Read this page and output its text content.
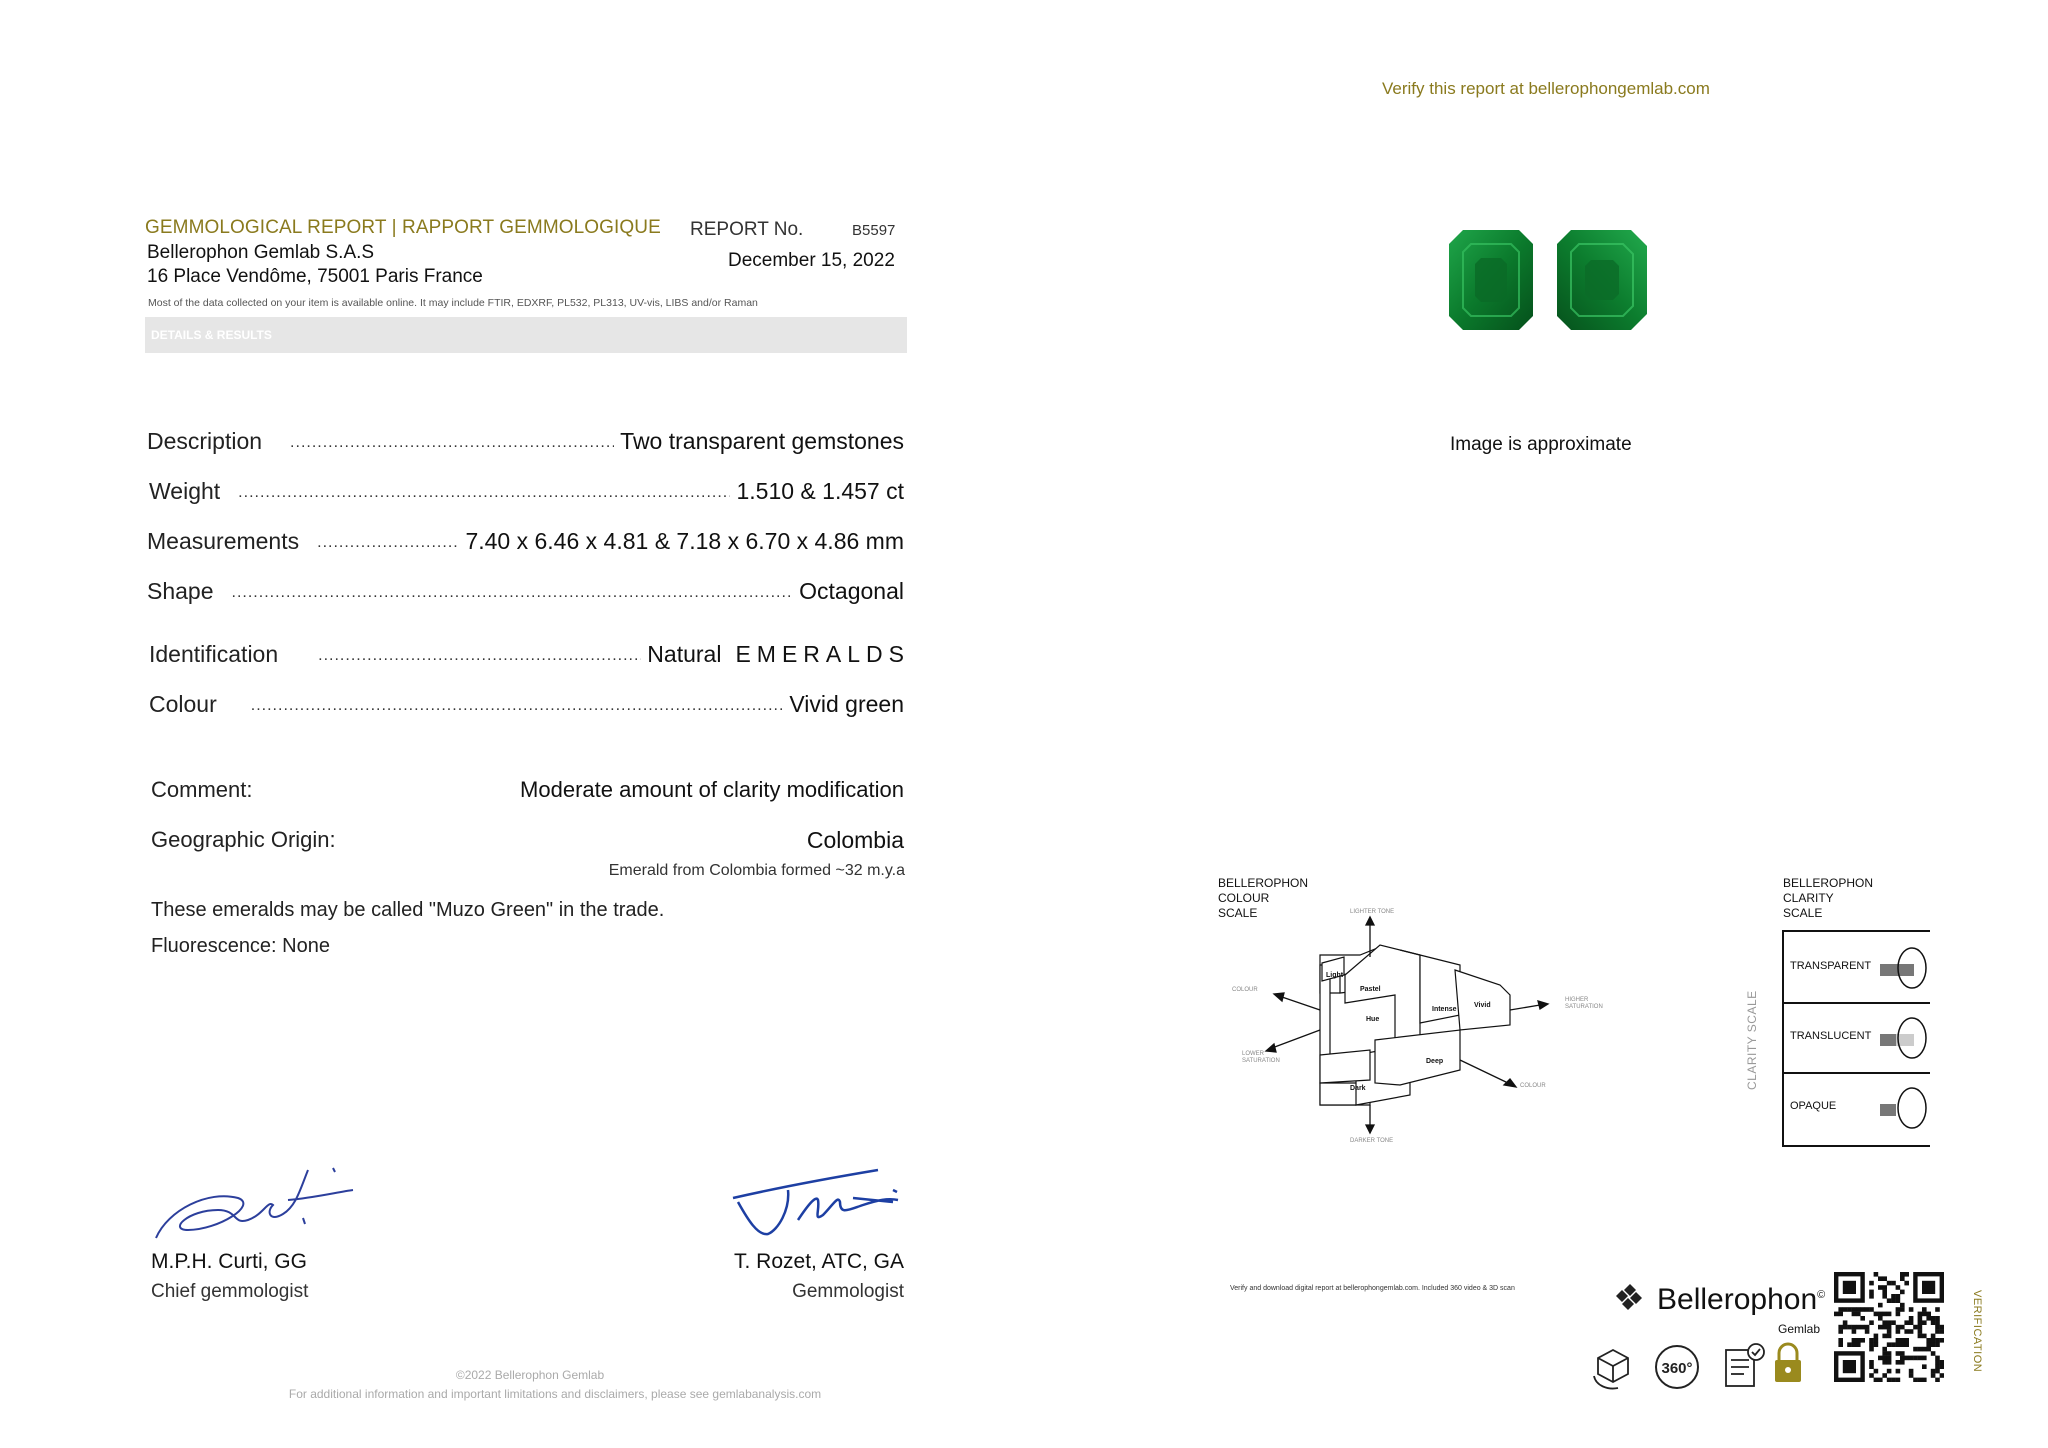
GEMMOLOGICAL REPORT | RAPPORT GEMMOLOGIQUE
Bellerophon Gemlab S.A.S
16 Place Vendôme, 75001 Paris France
REPORT No.	B5597
December 15, 2022
Most of the data collected on your item is available online. It may include FTIR, EDXRF, PL532, PL313, UV-vis, LIBS and/or Raman
DETAILS & RESULTS
Description .....	Two transparent gemstones
Weight .....	1.510 & 1.457 ct
Measurements .....	7.40 x 6.46 x 4.81 & 7.18 x 6.70 x 4.86 mm
Shape .....	Octagonal
Identification .....	Natural EMERALDS
Colour .....	Vivid green
Comment:	Moderate amount of clarity modification
Geographic Origin:	Colombia
Emerald from Colombia formed ~32 m.y.a
These emeralds may be called "Muzo Green" in the trade.
Fluorescence: None
M.P.H. Curti, GG
Chief gemmologist
T. Rozet, ATC, GA
Gemmologist
©2022 Bellerophon Gemlab
For additional information and important limitations and disclaimers, please see gemlabanalysis.com
Verify this report at bellerophongemlab.com
Image is approximate
BELLEROPHON
COLOUR
SCALE
Light
Pastel
Hue
Intense
Vivid
Deep
Dark
LIGHTER TONE
DARKER TONE
COLOUR
COLOUR
HIGHER
SATURATION
LOWER
SATURATION
BELLEROPHON
CLARITY
SCALE
CLARITY SCALE
TRANSPARENT
TRANSLUCENT
OPAQUE
Verify and download digital report at bellerophongemlab.com. Included 360 video & 3D scan	Bellerophon©
Gemlab
360°	VERIFICATION
